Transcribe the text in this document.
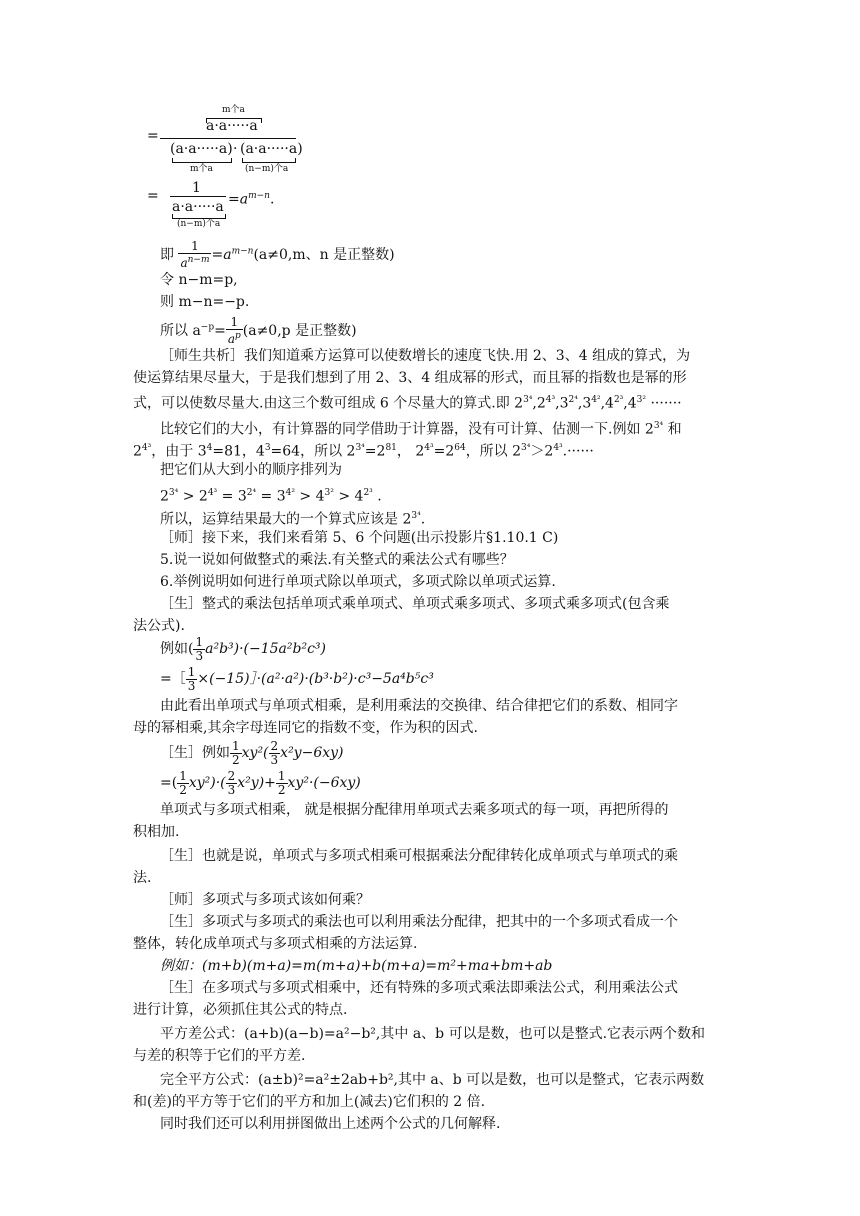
m个a
=
a·a·····a
(a·a·····a) · (a·a·····a)
m个a	(n−m)个a
= 1
a·a·····a
(n−m)个a
$=a^{m-n}$.
即 $\frac{1}{a^{n-m}} =a^{m-n}(a\ne 0,m$、n 是正整数)
令 n−m=p,
则 m−n=−p.
所以 $a^{-p}= \frac{1}{a^p} (a\ne 0,p$ 是正整数)
［师生共析］我们知道乘方运算可以使数增长的速度飞快.用 2、3、4 组成的算式，为
使运算结果尽量大，于是我们想到了用 2、3、4 组成幂的形式，而且幂的指数也是幂的形
式，可以使数尽量大.由这三个数可组成 6 个尽量大的算式.即 $2^{3^4},2^{4^3},3^{2^4},3^{4^2},4^{2^3},4^{3^2}$ ·······
比较它们的大小，有计算器的同学借助于计算器，没有可计算、估测一下.例如 $2^{3^4}$ 和
$2^{4^3}$，由于 $3^4=81$，$4^3=64$，所以 $2^{3^4}=2^{81}$， $2^{4^3}=2^{64}$，所以 $2^{3^4}>2^{4^3}.\cdot\cdot\cdot\cdot\cdot\cdot$
把它们从大到小的顺序排列为
$2^{3^4} > 2^{4^3} = 3^{2^4} = 3^{4^2} > 4^{3^2} > 4^{2^3}$ .
所以，运算结果最大的一个算式应该是 $2^{3^4}$.
［师］接下来，我们来看第 5、6 个问题(出示投影片§1.10.1 C)
5.说一说如何做整式的乘法.有关整式的乘法公式有哪些？
6.举例说明如何进行单项式除以单项式，多项式除以单项式运算.
［生］整式的乘法包括单项式乘单项式、单项式乘多项式、多项式乘多项式(包含乘
法公式).
例如( $\frac{1}{3} a^2b^3)\cdot(-15a^2b^2c^3)$
=［ $\frac{1}{3}$ ×(−15)］·(a²·a²)·(b³·b²)·c³−5a⁴b⁵c³
由此看出单项式与单项式相乘，是利用乘法的交换律、结合律把它们的系数、相同字
母的幂相乘,其余字母连同它的指数不变，作为积的因式.
［生］例如 $\frac{1}{2} xy^2( \frac{2}{3} x^2y-6xy)$
=( $\frac{1}{2} xy^2)\cdot( \frac{2}{3} x^2y)+ \frac{1}{2} xy^2\cdot(-6xy)$
单项式与多项式相乘， 就是根据分配律用单项式去乘多项式的每一项，再把所得的
积相加.
［生］也就是说，单项式与多项式相乘可根据乘法分配律转化成单项式与单项式的乘
法.
［师］多项式与多项式该如何乘？
［生］多项式与多项式的乘法也可以利用乘法分配律，把其中的一个多项式看成一个
整体，转化成单项式与多项式相乘的方法运算.
例如：(m+b)(m+a)=m(m+a)+b(m+a)=m²+ma+bm+ab
［生］在多项式与多项式相乘中，还有特殊的多项式乘法即乘法公式，利用乘法公式
进行计算，必须抓住其公式的特点.
平方差公式：(a+b)(a−b)=a²−b²,其中 a、b 可以是数，也可以是整式.它表示两个数和
与差的积等于它们的平方差.
完全平方公式：(a±b)²=a²±2ab+b²,其中 a、b 可以是数，也可以是整式，它表示两数
和(差)的平方等于它们的平方和加上(减去)它们积的 2 倍.
同时我们还可以利用拼图做出上述两个公式的几何解释.
